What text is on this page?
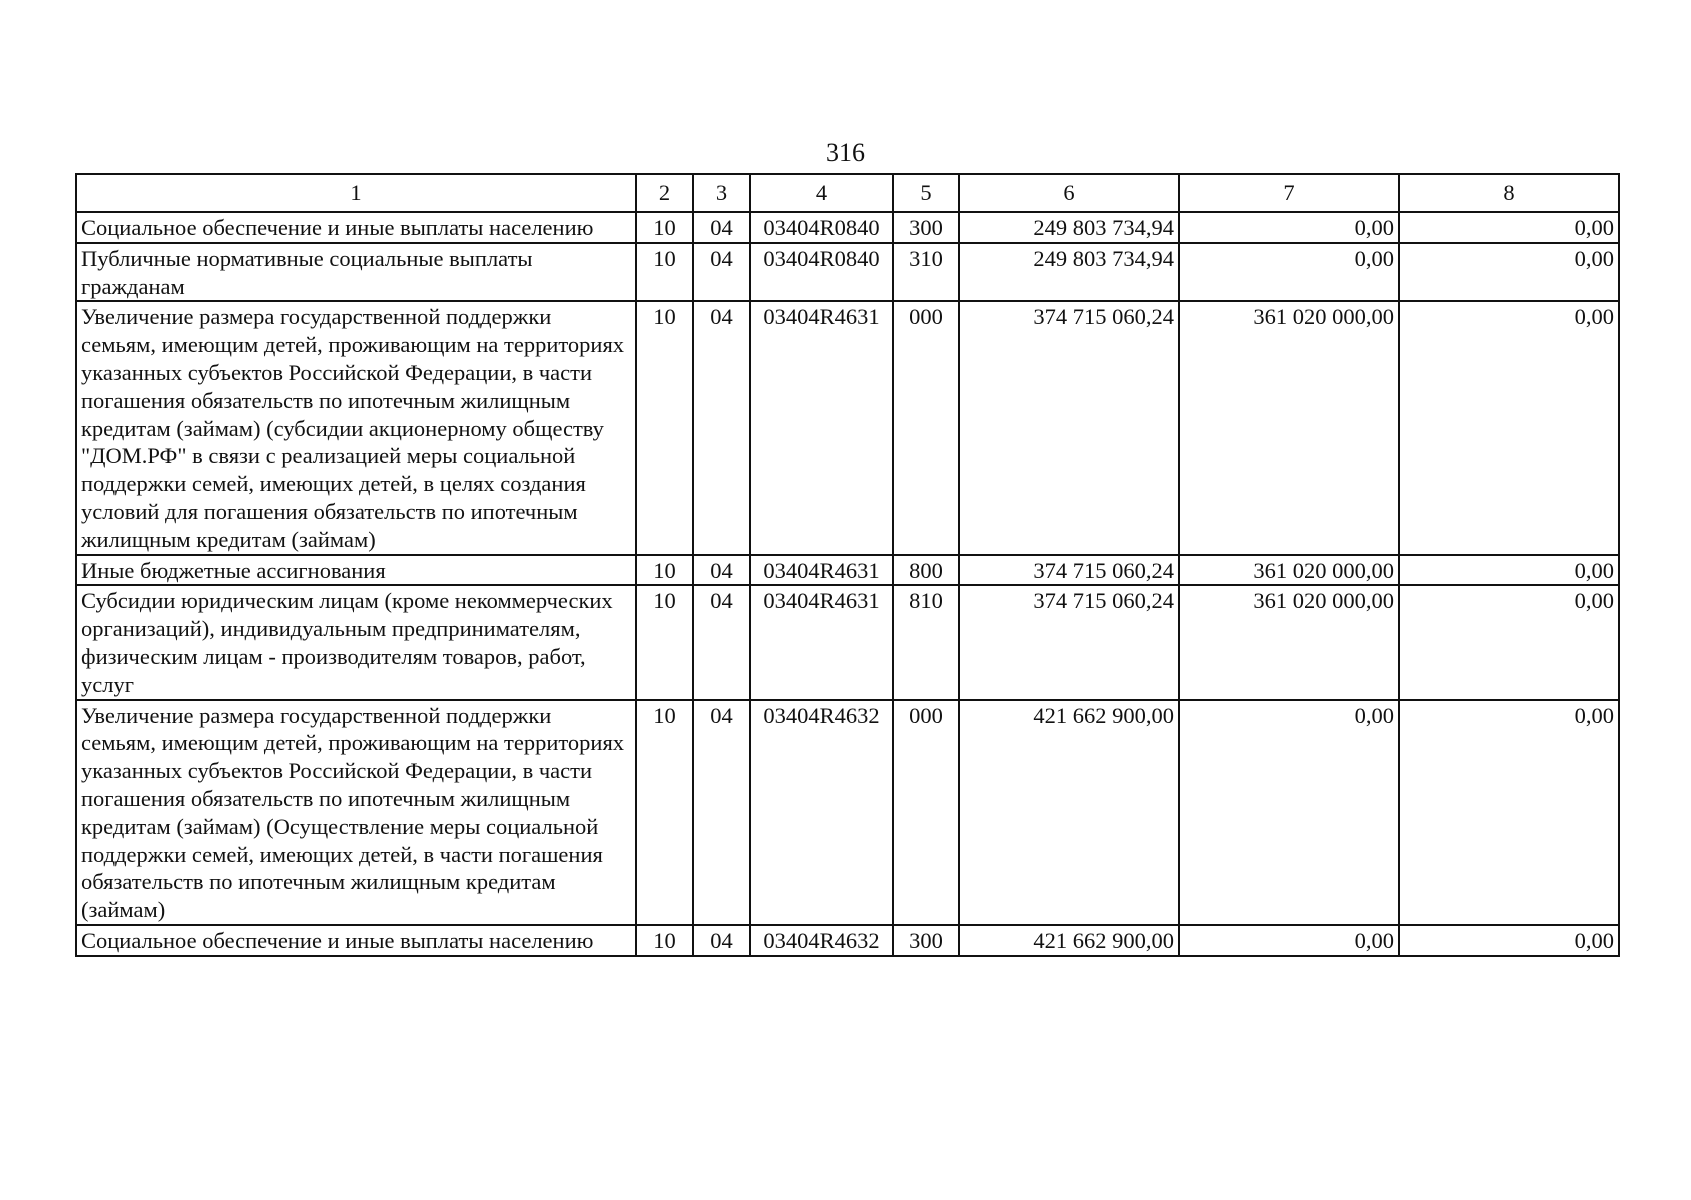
316
1	2	3	4	5	6	7	8
Социальное обеспечение и иные выплаты населению	10	04	03404R0840	300	249 803 734,94	0,00	0,00
Публичные нормативные социальные выплаты гражданам	10	04	03404R0840	310	249 803 734,94	0,00	0,00
Увеличение размера государственной поддержки семьям, имеющим детей, проживающим на территориях указанных субъектов Российской Федерации, в части погашения обязательств по ипотечным жилищным кредитам (займам) (субсидии акционерному обществу "ДОМ.РФ" в связи с реализацией меры социальной поддержки семей, имеющих детей, в целях создания условий для погашения обязательств по ипотечным жилищным кредитам (займам)	10	04	03404R4631	000	374 715 060,24	361 020 000,00	0,00
Иные бюджетные ассигнования	10	04	03404R4631	800	374 715 060,24	361 020 000,00	0,00
Субсидии юридическим лицам (кроме некоммерческих организаций), индивидуальным предпринимателям, физическим лицам - производителям товаров, работ, услуг	10	04	03404R4631	810	374 715 060,24	361 020 000,00	0,00
Увеличение размера государственной поддержки семьям, имеющим детей, проживающим на территориях указанных субъектов Российской Федерации, в части погашения обязательств по ипотечным жилищным кредитам (займам) (Осуществление меры социальной поддержки семей, имеющих детей, в части погашения обязательств по ипотечным жилищным кредитам (займам)	10	04	03404R4632	000	421 662 900,00	0,00	0,00
Социальное обеспечение и иные выплаты населению	10	04	03404R4632	300	421 662 900,00	0,00	0,00
